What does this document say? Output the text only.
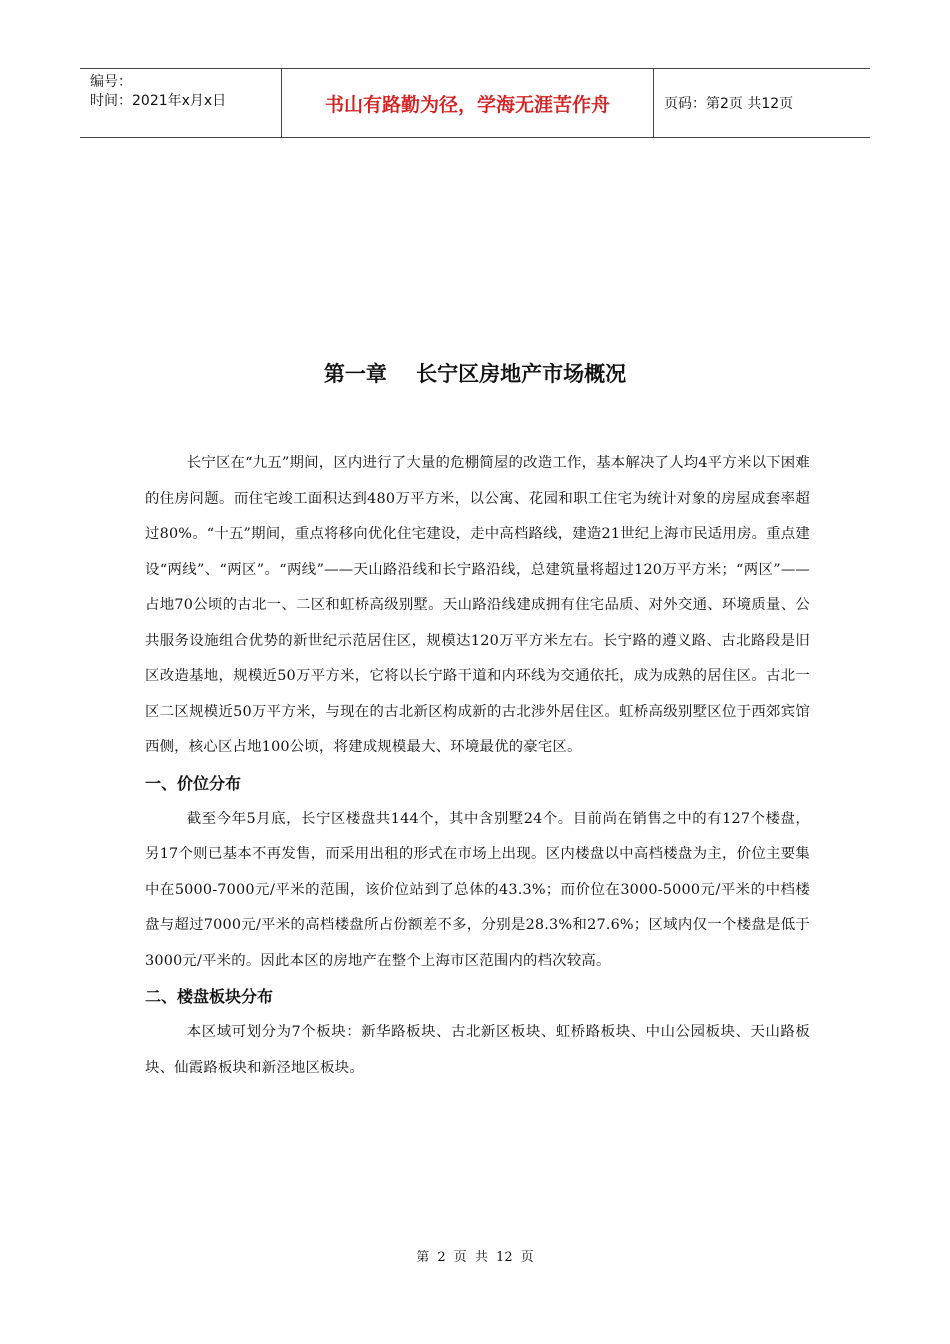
编号：
时间：2021年x月x日	书山有路勤为径，学海无涯苦作舟	页码：第2页 共12页
第一章    长宁区房地产市场概况

长宁区在“九五”期间，区内进行了大量的危棚简屋的改造工作，基本解决了人均4平方米以下困难的住房问题。而住宅竣工面积达到480万平方米，以公寓、花园和职工住宅为统计对象的房屋成套率超过80%。“十五”期间，重点将移向优化住宅建设，走中高档路线，建造21世纪上海市民适用房。重点建设“两线”、“两区”。“两线”——天山路沿线和长宁路沿线，总建筑量将超过120万平方米；“两区”——占地70公顷的古北一、二区和虹桥高级别墅。天山路沿线建成拥有住宅品质、对外交通、环境质量、公共服务设施组合优势的新世纪示范居住区，规模达120万平方米左右。长宁路的遵义路、古北路段是旧区改造基地，规模近50万平方米，它将以长宁路干道和内环线为交通依托，成为成熟的居住区。古北一区二区规模近50万平方米，与现在的古北新区构成新的古北涉外居住区。虹桥高级别墅区位于西郊宾馆西侧，核心区占地100公顷，将建成规模最大、环境最优的豪宅区。

一、价位分布

截至今年5月底，长宁区楼盘共144个，其中含别墅24个。目前尚在销售之中的有127个楼盘，另17个则已基本不再发售，而采用出租的形式在市场上出现。区内楼盘以中高档楼盘为主，价位主要集中在5000-7000元/平米的范围，该价位站到了总体的43.3%；而价位在3000-5000元/平米的中档楼盘与超过7000元/平米的高档楼盘所占份额差不多，分别是28.3%和27.6%；区域内仅一个楼盘是低于3000元/平米的。因此本区的房地产在整个上海市区范围内的档次较高。

二、楼盘板块分布

本区域可划分为7个板块：新华路板块、古北新区板块、虹桥路板块、中山公园板块、天山路板块、仙霞路板块和新泾地区板块。

第 2 页 共 12 页
